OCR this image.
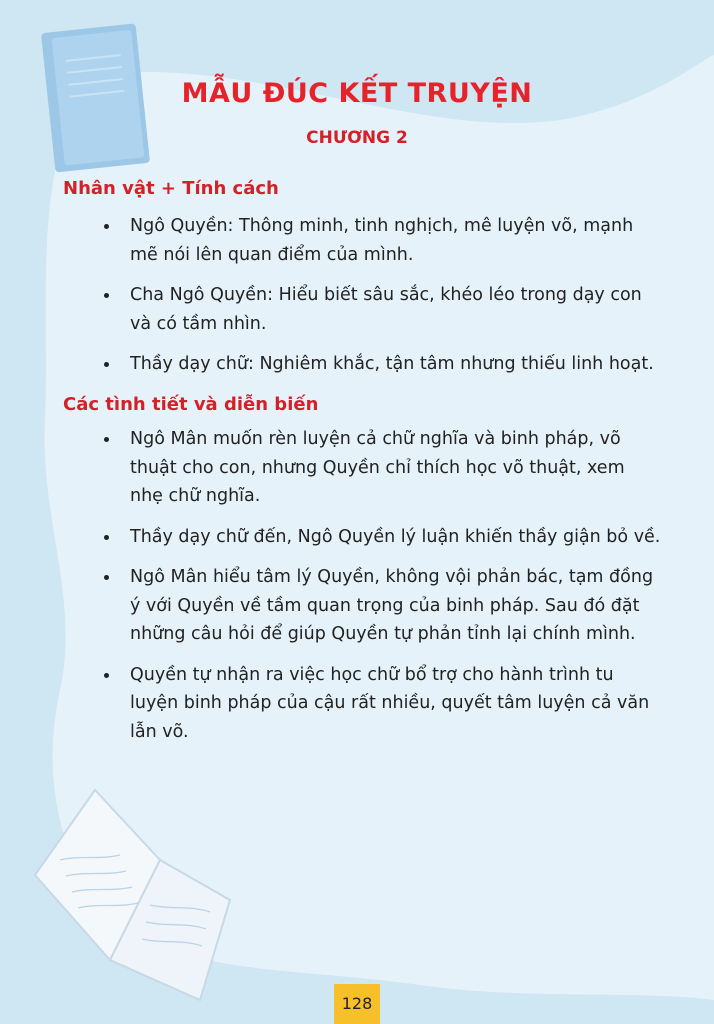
MẪU ĐÚC KẾT TRUYỆN
CHƯƠNG 2
Nhân vật + Tính cách
Ngô Quyền: Thông minh, tinh nghịch, mê luyện võ, mạnh mẽ nói lên quan điểm của mình.
Cha Ngô Quyền: Hiểu biết sâu sắc, khéo léo trong dạy con và có tầm nhìn.
Thầy dạy chữ: Nghiêm khắc, tận tâm nhưng thiếu linh hoạt.
Các tình tiết và diễn biến
Ngô Mân muốn rèn luyện cả chữ nghĩa và binh pháp, võ thuật cho con, nhưng Quyền chỉ thích học võ thuật, xem nhẹ chữ nghĩa.
Thầy dạy chữ đến, Ngô Quyền lý luận khiến thầy giận bỏ về.
Ngô Mân hiểu tâm lý Quyền, không vội phản bác, tạm đồng ý với Quyền về tầm quan trọng của binh pháp. Sau đó đặt những câu hỏi để giúp Quyền tự phản tỉnh lại chính mình.
Quyền tự nhận ra việc học chữ bổ trợ cho hành trình tu luyện binh pháp của cậu rất nhiều, quyết tâm luyện cả văn lẫn võ.
128
